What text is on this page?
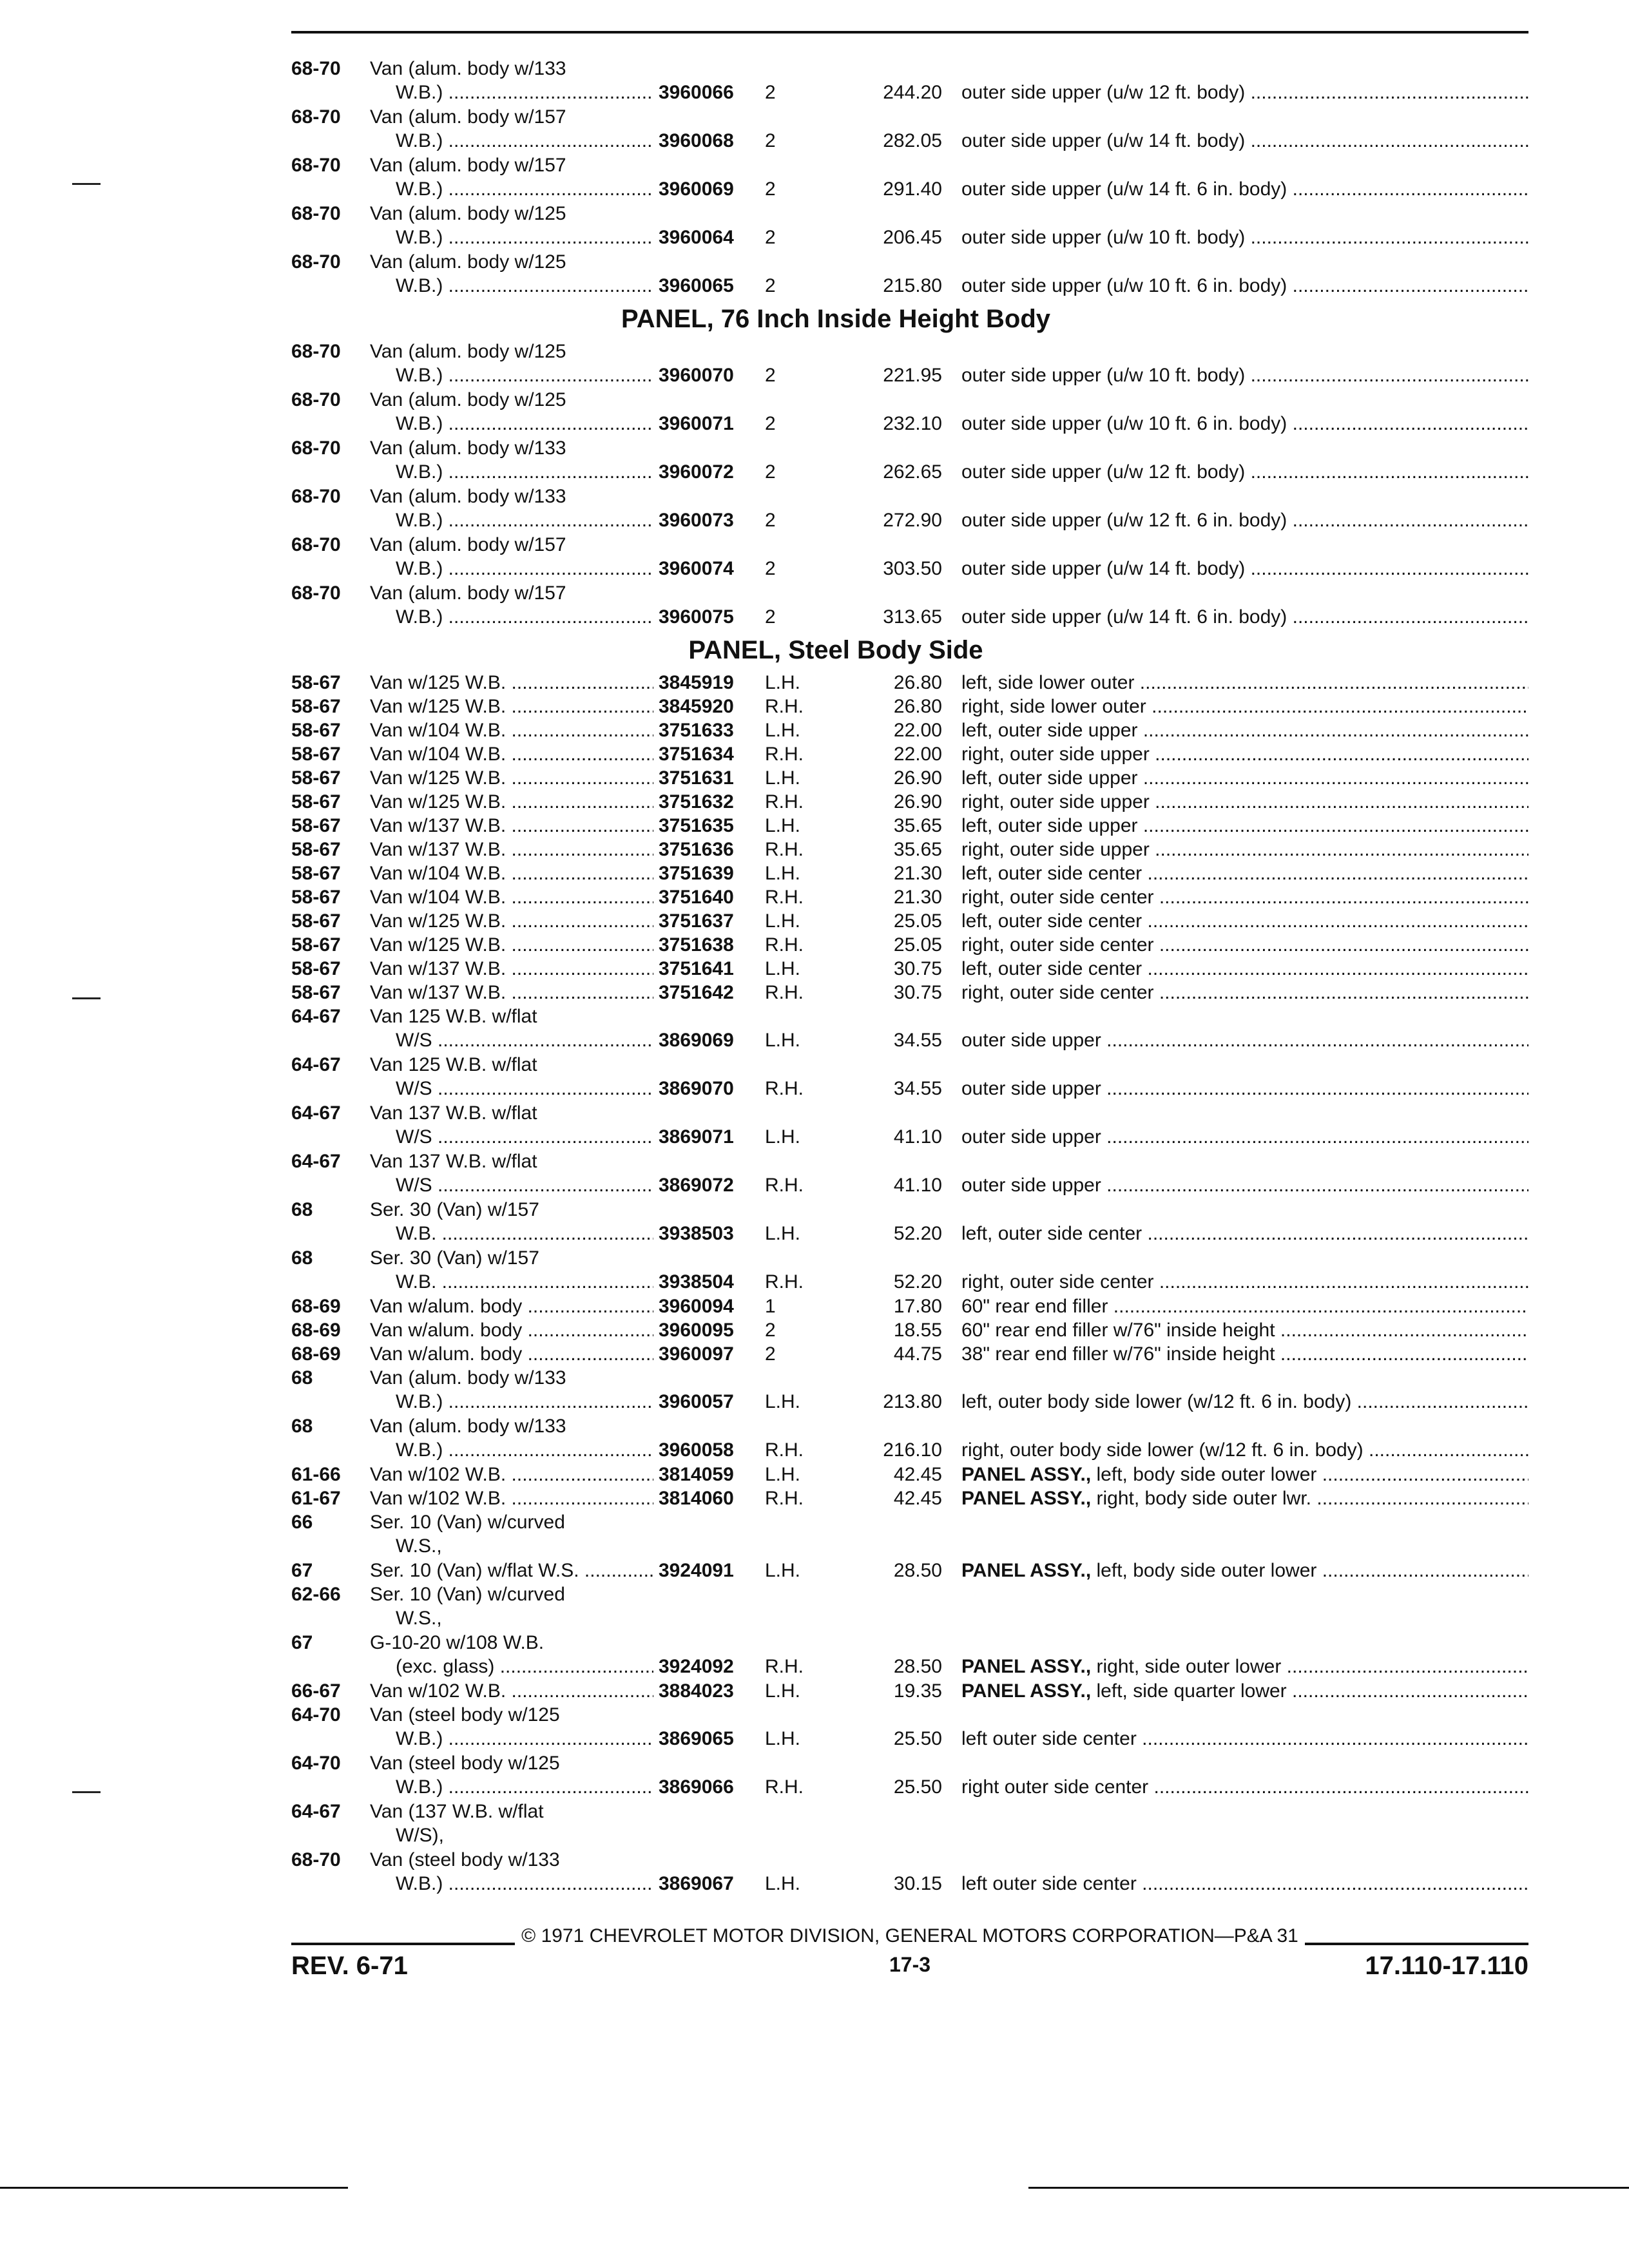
68-70	Van (alum. body w/133
W.B.) .....	3960066	2	244.20 outer side upper (u/w 12 ft. body) .....
68-70	Van (alum. body w/157
W.B.) .....	3960068	2	282.05 outer side upper (u/w 14 ft. body) .....
68-70	Van (alum. body w/157
W.B.) .....	3960069	2	291.40 outer side upper (u/w 14 ft. 6 in. body) .....
68-70	Van (alum. body w/125
W.B.) .....	3960064	2	206.45 outer side upper (u/w 10 ft. body) .....
68-70	Van (alum. body w/125
W.B.) .....	3960065	2	215.80 outer side upper (u/w 10 ft. 6 in. body) .....
PANEL, 76 Inch Inside Height Body
68-70	Van (alum. body w/125
W.B.) .....	3960070	2	221.95 outer side upper (u/w 10 ft. body) .....
68-70	Van (alum. body w/125
W.B.) .....	3960071	2	232.10 outer side upper (u/w 10 ft. 6 in. body) .....
68-70	Van (alum. body w/133
W.B.) .....	3960072	2	262.65 outer side upper (u/w 12 ft. body) .....
68-70	Van (alum. body w/133
W.B.) .....	3960073	2	272.90 outer side upper (u/w 12 ft. 6 in. body) .....
68-70	Van (alum. body w/157
W.B.) .....	3960074	2	303.50 outer side upper (u/w 14 ft. body) .....
68-70	Van (alum. body w/157
W.B.) .....	3960075	2	313.65 outer side upper (u/w 14 ft. 6 in. body) .....
PANEL, Steel Body Side
58-67	Van w/125 W.B. .....	3845919	L.H.	26.80 left, side lower outer .....
58-67	Van w/125 W.B. .....	3845920	R.H.	26.80 right, side lower outer .....
58-67	Van w/104 W.B. .....	3751633	L.H.	22.00 left, outer side upper .....
58-67	Van w/104 W.B. .....	3751634	R.H.	22.00 right, outer side upper .....
58-67	Van w/125 W.B. .....	3751631	L.H.	26.90 left, outer side upper .....
58-67	Van w/125 W.B. .....	3751632	R.H.	26.90 right, outer side upper .....
58-67	Van w/137 W.B. .....	3751635	L.H.	35.65 left, outer side upper .....
58-67	Van w/137 W.B. .....	3751636	R.H.	35.65 right, outer side upper .....
58-67	Van w/104 W.B. .....	3751639	L.H.	21.30 left, outer side center .....
58-67	Van w/104 W.B. .....	3751640	R.H.	21.30 right, outer side center .....
58-67	Van w/125 W.B. .....	3751637	L.H.	25.05 left, outer side center .....
58-67	Van w/125 W.B. .....	3751638	R.H.	25.05 right, outer side center .....
58-67	Van w/137 W.B. .....	3751641	L.H.	30.75 left, outer side center .....
58-67	Van w/137 W.B. .....	3751642	R.H.	30.75 right, outer side center .....
64-67	Van 125 W.B. w/flat
W/S .....	3869069	L.H.	34.55 outer side upper .....
64-67	Van 125 W.B. w/flat
W/S .....	3869070	R.H.	34.55 outer side upper .....
64-67	Van 137 W.B. w/flat
W/S .....	3869071	L.H.	41.10 outer side upper .....
64-67	Van 137 W.B. w/flat
W/S .....	3869072	R.H.	41.10 outer side upper .....
68	Ser. 30 (Van) w/157
W.B. .....	3938503	L.H.	52.20 left, outer side center .....
68	Ser. 30 (Van) w/157
W.B. .....	3938504	R.H.	52.20 right, outer side center .....
68-69	Van w/alum. body .....	3960094	1	17.80 60" rear end filler .....
68-69	Van w/alum. body .....	3960095	2	18.55 60" rear end filler w/76" inside height .....
68-69	Van w/alum. body .....	3960097	2	44.75 38" rear end filler w/76" inside height .....
68	Van (alum. body w/133
W.B.) .....	3960057	L.H.	213.80 left, outer body side lower (w/12 ft. 6 in. body) .....
68	Van (alum. body w/133
W.B.) .....	3960058	R.H.	216.10 right, outer body side lower (w/12 ft. 6 in. body) .....
61-66	Van w/102 W.B. .....	3814059	L.H.	42.45 PANEL ASSY., left, body side outer lower .....
61-67	Van w/102 W.B. .....	3814060	R.H.	42.45 PANEL ASSY., right, body side outer lwr. .....
66	Ser. 10 (Van) w/curved
W.S.,
67	Ser. 10 (Van) w/flat W.S. .....	3924091	L.H.	28.50 PANEL ASSY., left, body side outer lower .....
62-66	Ser. 10 (Van) w/curved
W.S.,
67	G-10-20 w/108 W.B.
(exc. glass) .....	3924092	R.H.	28.50 PANEL ASSY., right, side outer lower .....
66-67	Van w/102 W.B. .....	3884023	L.H.	19.35 PANEL ASSY., left, side quarter lower .....
64-70	Van (steel body w/125
W.B.) .....	3869065	L.H.	25.50 left outer side center .....
64-70	Van (steel body w/125
W.B.) .....	3869066	R.H.	25.50 right outer side center .....
64-67	Van (137 W.B. w/flat
W/S),
68-70	Van (steel body w/133
W.B.) .....	3869067	L.H.	30.15 left outer side center .....
© 1971 CHEVROLET MOTOR DIVISION, GENERAL MOTORS CORPORATION—P&A 31
REV. 6-71	17-3	17.110-17.110
